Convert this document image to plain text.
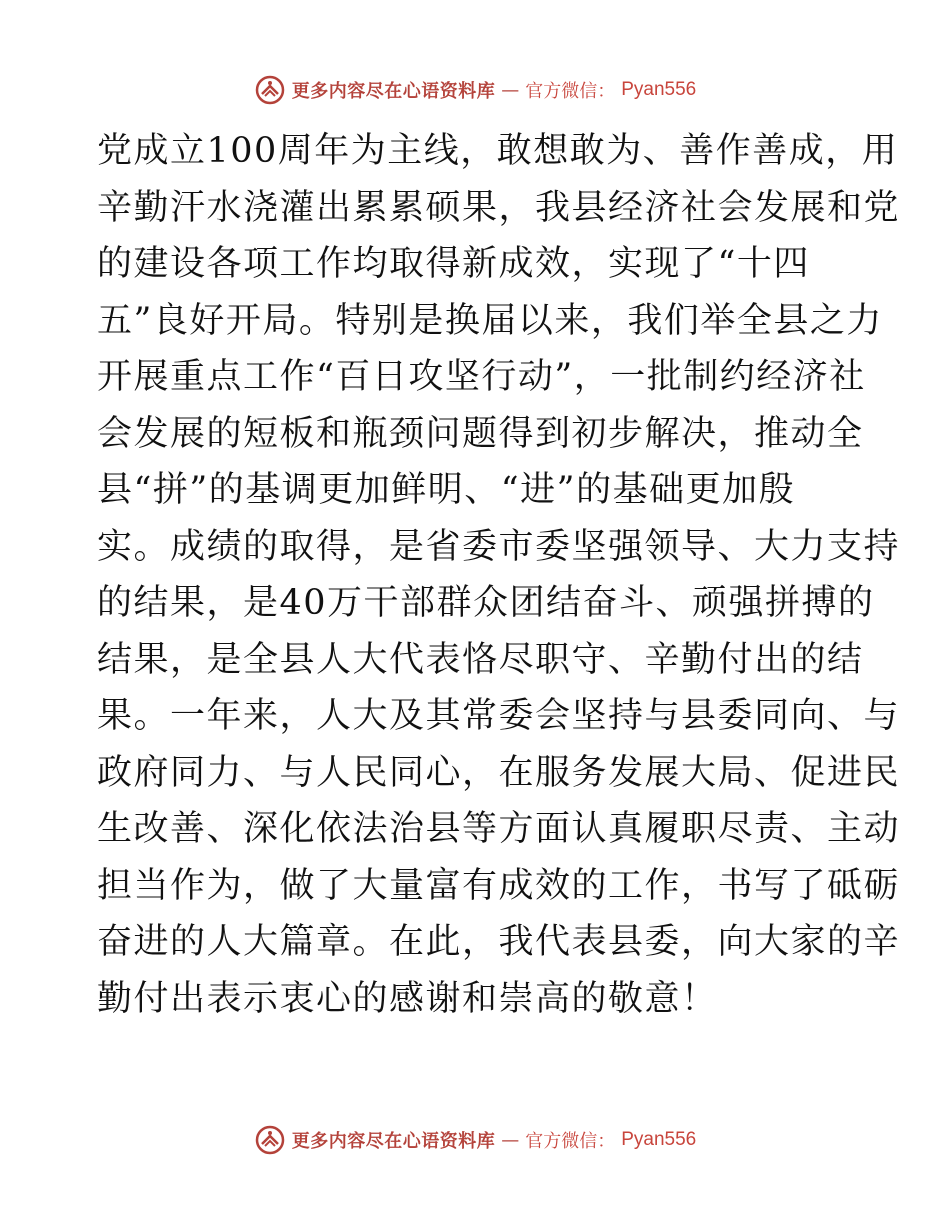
更多内容尽在心语资料库 — 官方微信： Pyan556
党成立100周年为主线，敢想敢为、善作善成，用
辛勤汗水浇灌出累累硕果，我县经济社会发展和党
的建设各项工作均取得新成效，实现了“十四
五”良好开局。特别是换届以来，我们举全县之力
开展重点工作“百日攻坚行动”，一批制约经济社
会发展的短板和瓶颈问题得到初步解决，推动全
县“拼”的基调更加鲜明、“进”的基础更加殷
实。成绩的取得，是省委市委坚强领导、大力支持
的结果，是40万干部群众团结奋斗、顽强拼搏的
结果，是全县人大代表恪尽职守、辛勤付出的结
果。一年来，人大及其常委会坚持与县委同向、与
政府同力、与人民同心，在服务发展大局、促进民
生改善、深化依法治县等方面认真履职尽责、主动
担当作为，做了大量富有成效的工作，书写了砥砺
奋进的人大篇章。在此，我代表县委，向大家的辛
勤付出表示衷心的感谢和崇高的敬意！
更多内容尽在心语资料库 — 官方微信： Pyan556
